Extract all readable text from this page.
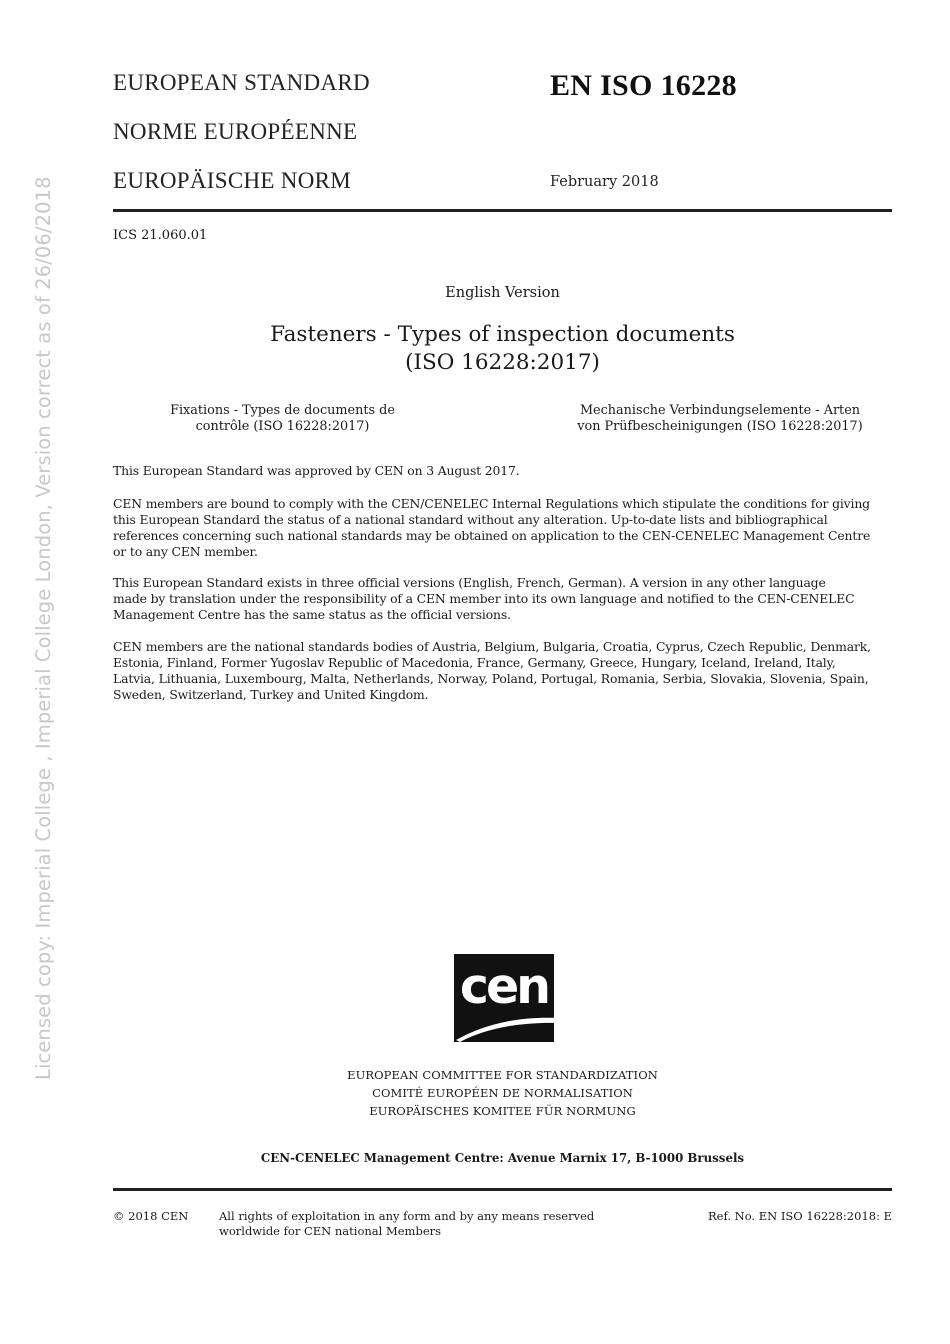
Licensed copy: Imperial College , Imperial College London, Version correct as of 26/06/2018
EUROPEAN STANDARD
NORME EUROPÉENNE
EUROPÄISCHE NORM
EN ISO 16228
February 2018
ICS 21.060.01
English Version
Fasteners - Types of inspection documents
(ISO 16228:2017)
Fixations - Types de documents de
contrôle (ISO 16228:2017)
Mechanische Verbindungselemente - Arten
von Prüfbescheinigungen (ISO 16228:2017)
This European Standard was approved by CEN on 3 August 2017.
CEN members are bound to comply with the CEN/CENELEC Internal Regulations which stipulate the conditions for giving
this European Standard the status of a national standard without any alteration. Up-to-date lists and bibliographical
references concerning such national standards may be obtained on application to the CEN-CENELEC Management Centre
or to any CEN member.
This European Standard exists in three official versions (English, French, German). A version in any other language
made by translation under the responsibility of a CEN member into its own language and notified to the CEN-CENELEC
Management Centre has the same status as the official versions.
CEN members are the national standards bodies of Austria, Belgium, Bulgaria, Croatia, Cyprus, Czech Republic, Denmark,
Estonia, Finland, Former Yugoslav Republic of Macedonia, France, Germany, Greece, Hungary, Iceland, Ireland, Italy,
Latvia, Lithuania, Luxembourg, Malta, Netherlands, Norway, Poland, Portugal, Romania, Serbia, Slovakia, Slovenia, Spain,
Sweden, Switzerland, Turkey and United Kingdom.
cen
EUROPEAN COMMITTEE FOR STANDARDIZATION
COMITÉ EUROPÉEN DE NORMALISATION
EUROPÄISCHES KOMITEE FÜR NORMUNG
CEN-CENELEC Management Centre: Avenue Marnix 17, B-1000 Brussels
© 2018 CEN	All rights of exploitation in any form and by any means reserved
worldwide for CEN national Members
Ref. No. EN ISO 16228:2018: E
